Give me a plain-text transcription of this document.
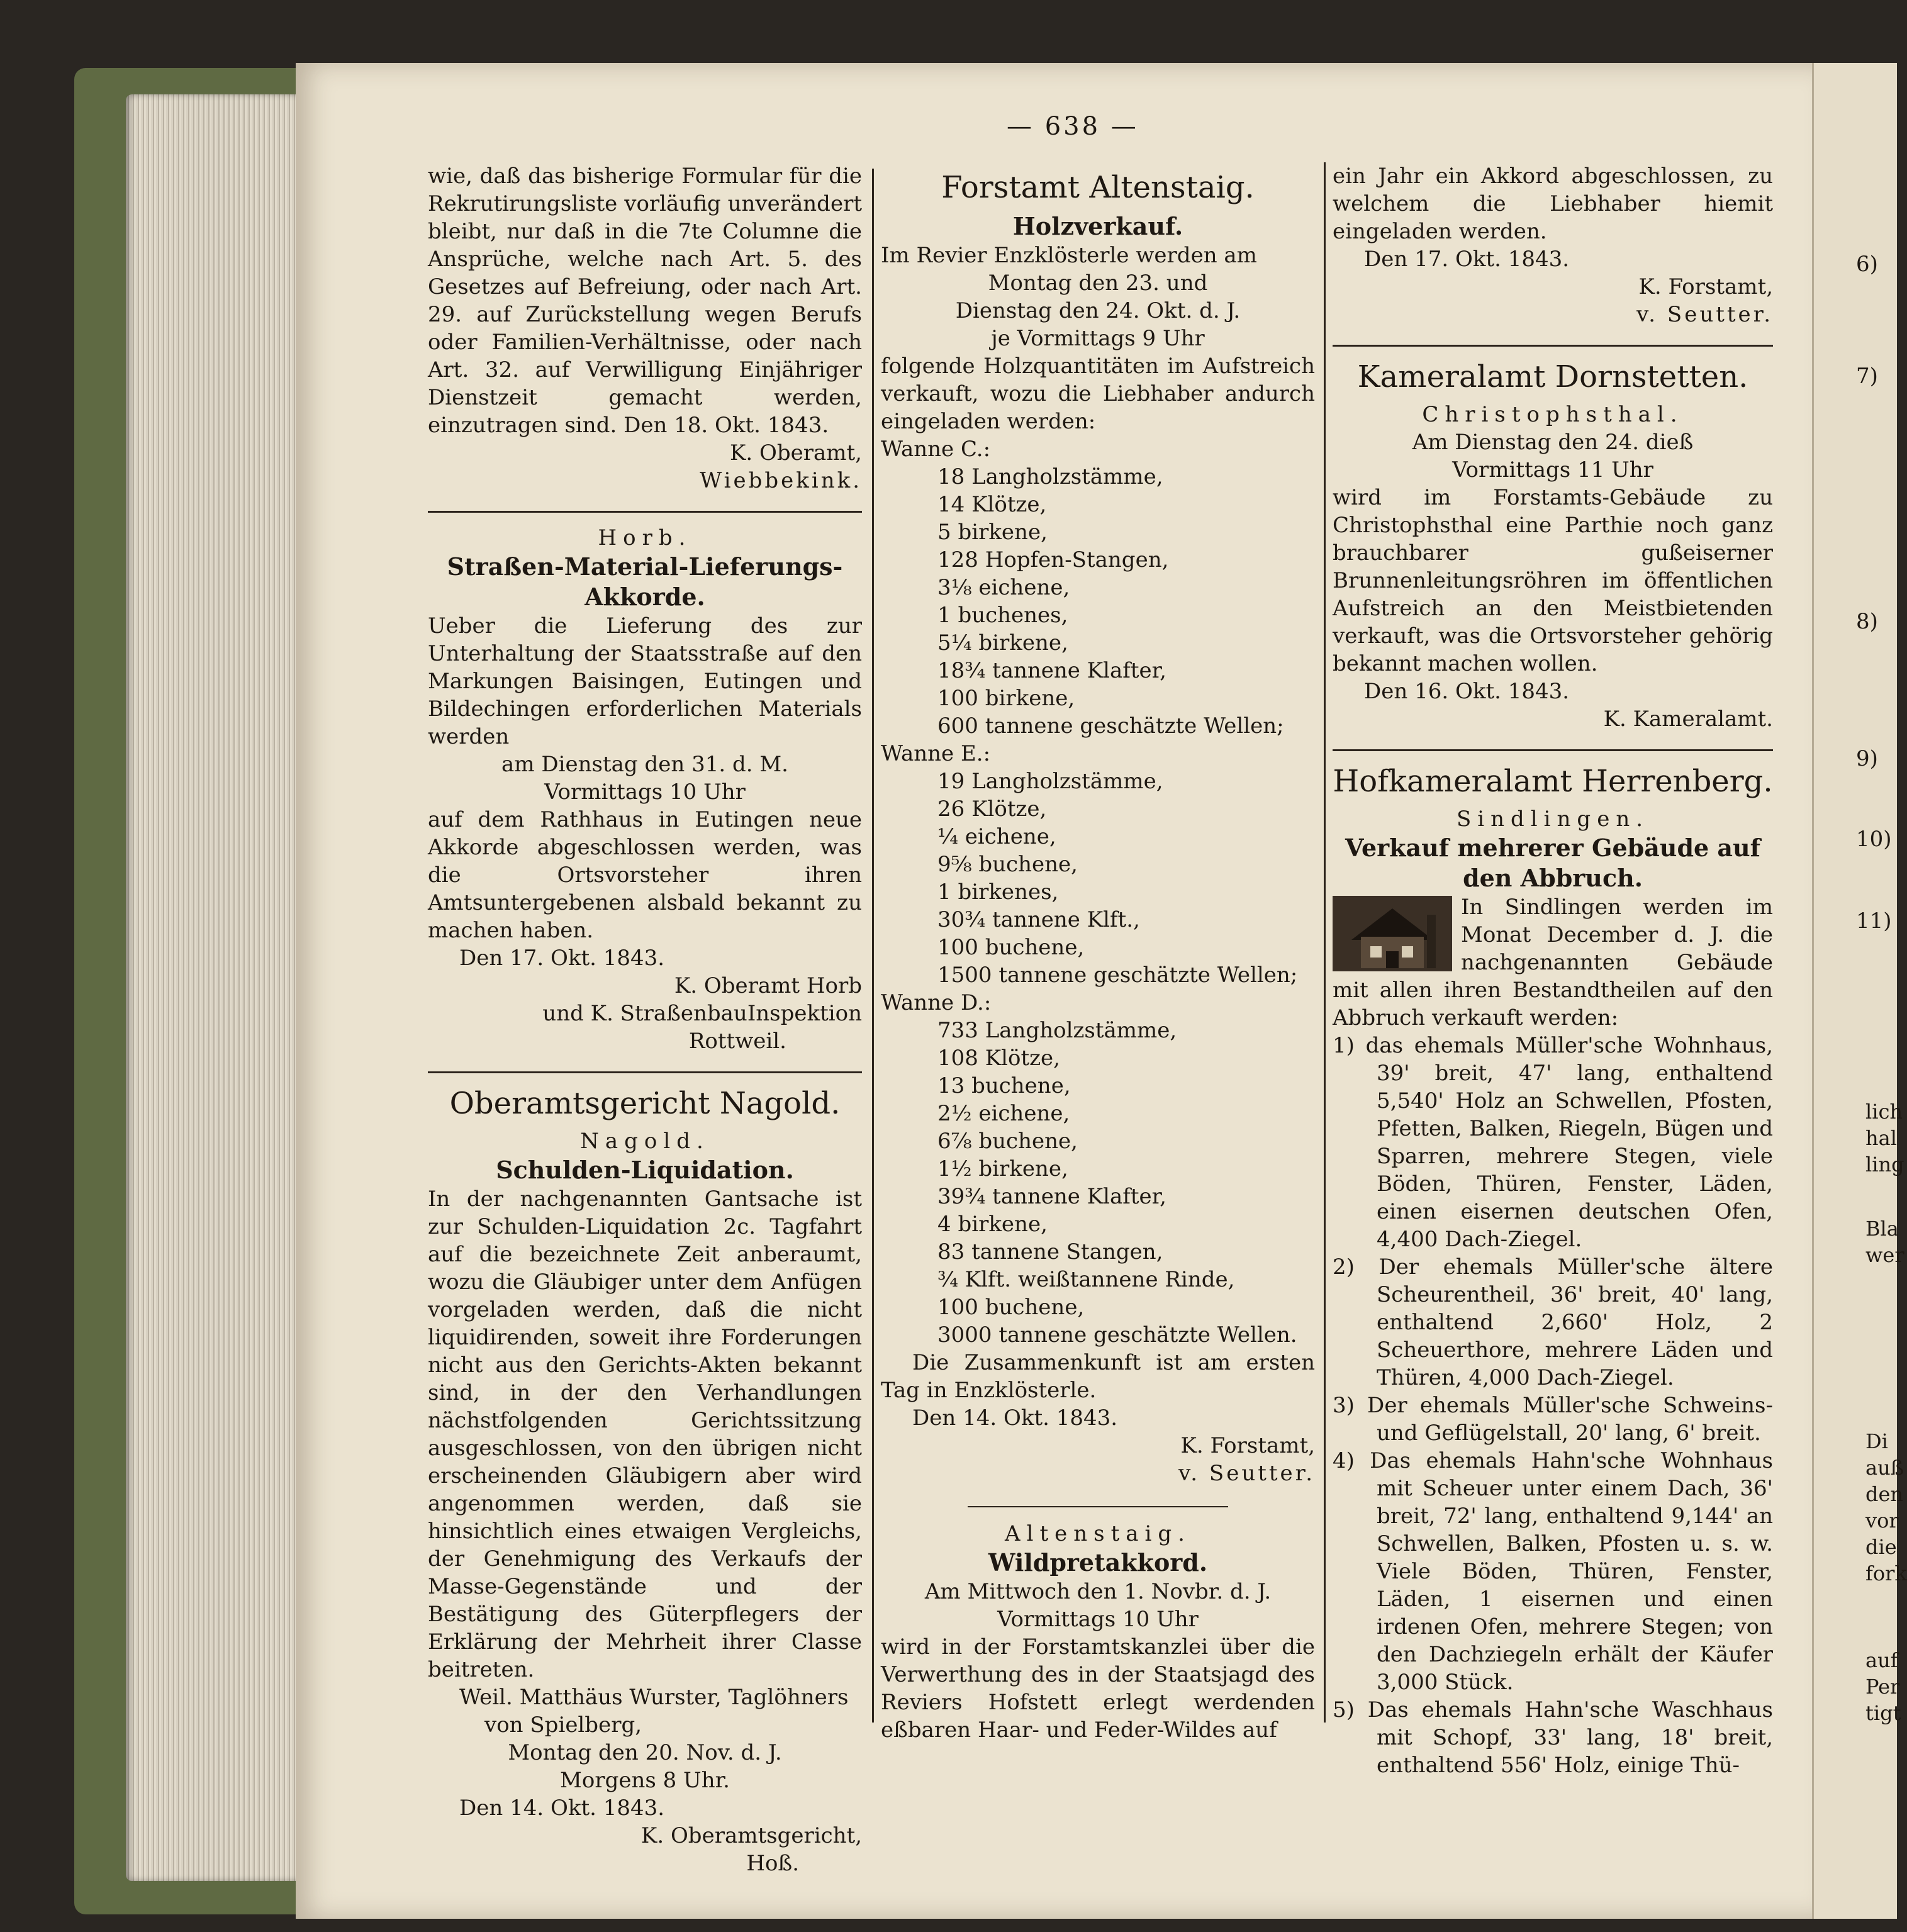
— 638 —

wie, daß das bisherige Formular für die Rekrutirungsliste vorläufig unverändert bleibt, nur daß in die 7te Columne die Ansprüche, welche nach Art. 5. des Gesetzes auf Befreiung, oder nach Art. 29. auf Zurückstellung wegen Berufs oder Familien-Verhältnisse, oder nach Art. 32. auf Verwilligung Einjähriger Dienstzeit gemacht werden, einzutragen sind. Den 18. Okt. 1843.

K. Oberamt,

Wiebbekink.

Horb.

Straßen-Material-Lieferungs-Akkorde.

Ueber die Lieferung des zur Unterhaltung der Staatsstraße auf den Markungen Baisingen, Eutingen und Bildechingen erforderlichen Materials werden

am Dienstag den 31. d. M.

Vormittags 10 Uhr

auf dem Rathhaus in Eutingen neue Akkorde abgeschlossen werden, was die Ortsvorsteher ihren Amtsuntergebenen alsbald bekannt zu machen haben.

Den 17. Okt. 1843.

K. Oberamt Horb

und K. StraßenbauInspektion

Rottweil.

Oberamtsgericht Nagold.

Nagold.

Schulden-Liquidation.

In der nachgenannten Gantsache ist zur Schulden-Liquidation 2c. Tagfahrt auf die bezeichnete Zeit anberaumt, wozu die Gläubiger unter dem Anfügen vorgeladen werden, daß die nicht liquidirenden, soweit ihre Forderungen nicht aus den Gerichts-Akten bekannt sind, in der den Verhandlungen nächstfolgenden Gerichtssitzung ausgeschlossen, von den übrigen nicht erscheinenden Gläubigern aber wird angenommen werden, daß sie hinsichtlich eines etwaigen Vergleichs, der Genehmigung des Verkaufs der Masse-Gegenstände und der Bestätigung des Güterpflegers der Erklärung der Mehrheit ihrer Classe beitreten.

Weil. Matthäus Wurster, Taglöhners

von Spielberg,

Montag den 20. Nov. d. J.

Morgens 8 Uhr.

Den 14. Okt. 1843.

K. Oberamtsgericht,

Hoß.

Forstamt Altenstaig.

Holzverkauf.

Im Revier Enzklösterle werden am

Montag den 23. und

Dienstag den 24. Okt. d. J.

je Vormittags 9 Uhr

folgende Holzquantitäten im Aufstreich verkauft, wozu die Liebhaber andurch eingeladen werden:

Wanne C.:

18 Langholzstämme,

14 Klötze,

5 birkene,

128 Hopfen-Stangen,

3⅛ eichene,

1 buchenes,

5¼ birkene,

18¾ tannene Klafter,

100 birkene,

600 tannene geschätzte Wellen;

Wanne E.:

19 Langholzstämme,

26 Klötze,

¼ eichene,

9⅝ buchene,

1 birkenes,

30¾ tannene Klft.,

100 buchene,

1500 tannene geschätzte Wellen;

Wanne D.:

733 Langholzstämme,

108 Klötze,

13 buchene,

2½ eichene,

6⅞ buchene,

1½ birkene,

39¾ tannene Klafter,

4 birkene,

83 tannene Stangen,

¾ Klft. weißtannene Rinde,

100 buchene,

3000 tannene geschätzte Wellen.

Die Zusammenkunft ist am ersten Tag in Enzklösterle.

Den 14. Okt. 1843.

K. Forstamt,

v. Seutter.

Altenstaig.

Wildpretakkord.

Am Mittwoch den 1. Novbr. d. J.

Vormittags 10 Uhr

wird in der Forstamtskanzlei über die Verwerthung des in der Staatsjagd des Reviers Hofstett erlegt werdenden eßbaren Haar- und Feder-Wildes auf

ein Jahr ein Akkord abgeschlossen, zu welchem die Liebhaber hiemit eingeladen werden.

Den 17. Okt. 1843.

K. Forstamt,

v. Seutter.

Kameralamt Dornstetten.

Christophsthal.

Am Dienstag den 24. dieß

Vormittags 11 Uhr

wird im Forstamts-Gebäude zu Christophsthal eine Parthie noch ganz brauchbarer gußeiserner Brunnenleitungsröhren im öffentlichen Aufstreich an den Meistbietenden verkauft, was die Ortsvorsteher gehörig bekannt machen wollen.

Den 16. Okt. 1843.

K. Kameralamt.

Hofkameralamt Herrenberg.

Sindlingen.

Verkauf mehrerer Gebäude auf den Abbruch.

In Sindlingen werden im Monat December d. J. die nachgenannten Gebäude mit allen ihren Bestandtheilen auf den Abbruch verkauft werden:

1) das ehemals Müller'sche Wohnhaus, 39' breit, 47' lang, enthaltend 5,540' Holz an Schwellen, Pfosten, Pfetten, Balken, Riegeln, Bügen und Sparren, mehrere Stegen, viele Böden, Thüren, Fenster, Läden, einen eisernen deutschen Ofen, 4,400 Dach-Ziegel.

2) Der ehemals Müller'sche ältere Scheurentheil, 36' breit, 40' lang, enthaltend 2,660' Holz, 2 Scheuerthore, mehrere Läden und Thüren, 4,000 Dach-Ziegel.

3) Der ehemals Müller'sche Schweins- und Geflügelstall, 20' lang, 6' breit.

4) Das ehemals Hahn'sche Wohnhaus mit Scheuer unter einem Dach, 36' breit, 72' lang, enthaltend 9,144' an Schwellen, Balken, Pfosten u. s. w. Viele Böden, Thüren, Fenster, Läden, 1 eisernen und einen irdenen Ofen, mehrere Stegen; von den Dachziegeln erhält der Käufer 3,000 Stück.

5) Das ehemals Hahn'sche Waschhaus mit Schopf, 33' lang, 18' breit, enthaltend 556' Holz, einige Thü-

6)
7)
8)
9)
10)
11)
lich
hal
ling
Bla
wer
Di
auß
den
vor
die
fork
auf
Per
tigt
